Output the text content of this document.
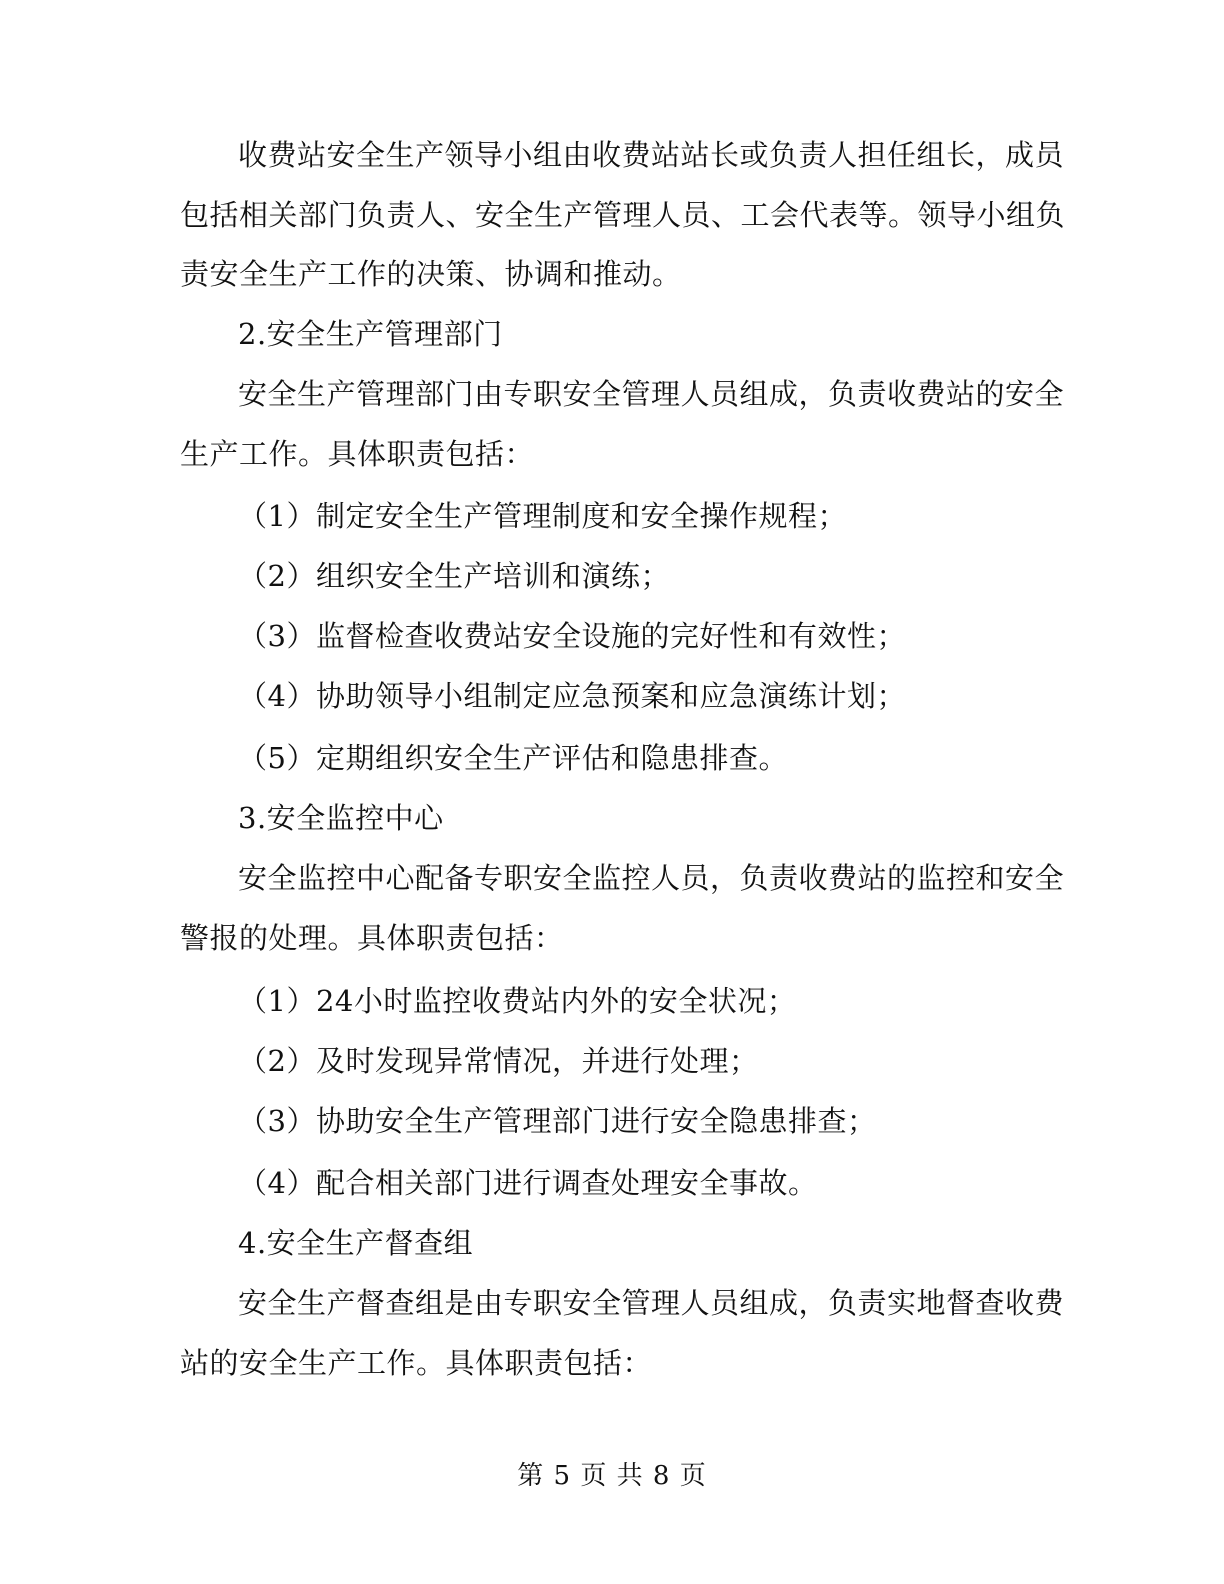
收费站安全生产领导小组由收费站站长或负责人担任组长，成员
包括相关部门负责人、安全生产管理人员、工会代表等。领导小组负
责安全生产工作的决策、协调和推动。
2.安全生产管理部门
安全生产管理部门由专职安全管理人员组成，负责收费站的安全
生产工作。具体职责包括：
（1）制定安全生产管理制度和安全操作规程；
（2）组织安全生产培训和演练；
（3）监督检查收费站安全设施的完好性和有效性；
（4）协助领导小组制定应急预案和应急演练计划；
（5）定期组织安全生产评估和隐患排查。
3.安全监控中心
安全监控中心配备专职安全监控人员，负责收费站的监控和安全
警报的处理。具体职责包括：
（1）24小时监控收费站内外的安全状况；
（2）及时发现异常情况，并进行处理；
（3）协助安全生产管理部门进行安全隐患排查；
（4）配合相关部门进行调查处理安全事故。
4.安全生产督查组
安全生产督查组是由专职安全管理人员组成，负责实地督查收费
站的安全生产工作。具体职责包括：
第 5 页 共 8 页
